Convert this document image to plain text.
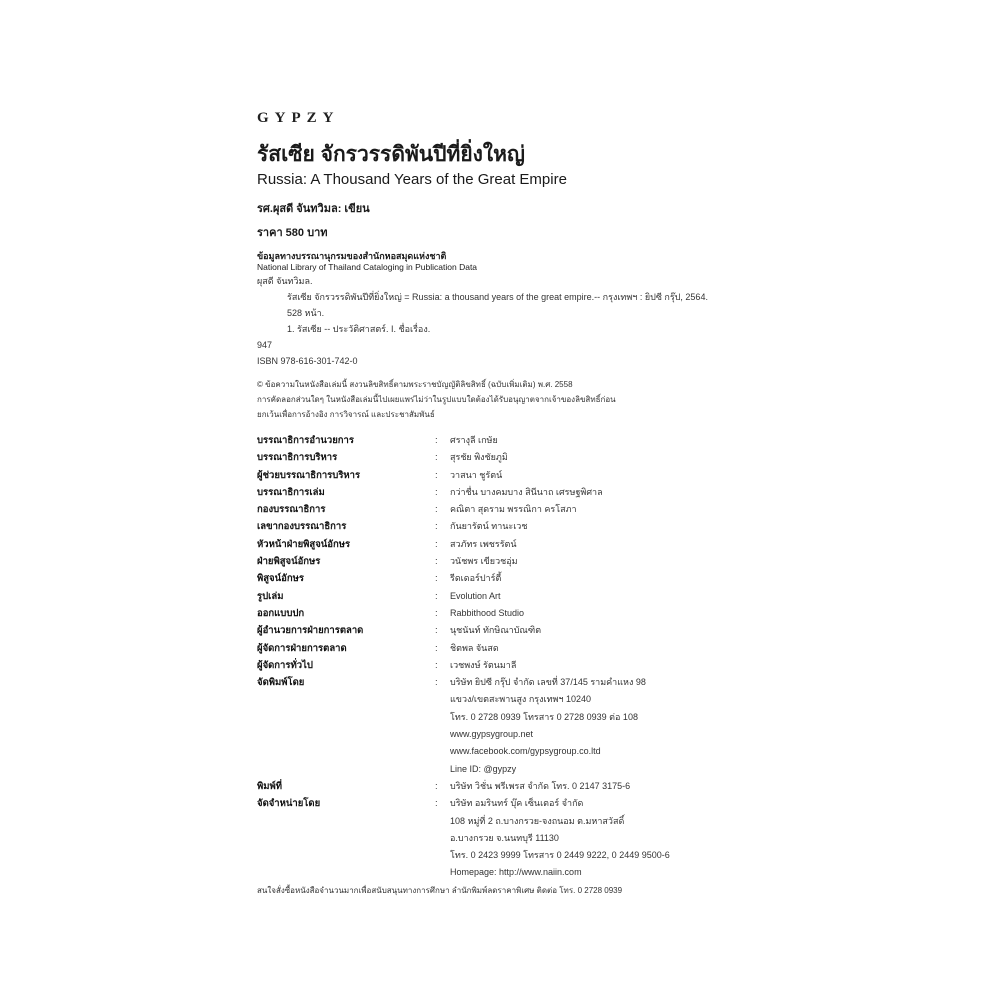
GYPZY
รัสเซีย จักรวรรดิพันปีที่ยิ่งใหญ่
Russia: A Thousand Years of the Great Empire
รศ.ผุสดี จันทวิมล: เขียน
ราคา 580 บาท
ข้อมูลทางบรรณานุกรมของสำนักหอสมุดแห่งชาติ
National Library of Thailand Cataloging in Publication Data
ผุสดี จันทวิมล.
รัสเซีย จักรวรรดิพันปีที่ยิ่งใหญ่ = Russia: a thousand years of the great empire.-- กรุงเทพฯ : ยิปซี กรุ๊ป, 2564.
528 หน้า.
1. รัสเซีย -- ประวัติศาสตร์. I. ชื่อเรื่อง.
947
ISBN 978-616-301-742-0
© ข้อความในหนังสือเล่มนี้ สงวนลิขสิทธิ์ตามพระราชบัญญัติลิขสิทธิ์ (ฉบับเพิ่มเติม) พ.ศ. 2558
การคัดลอกส่วนใดๆ ในหนังสือเล่มนี้ไปเผยแพร่ไม่ว่าในรูปแบบใดต้องได้รับอนุญาตจากเจ้าของลิขสิทธิ์ก่อน
ยกเว้นเพื่อการอ้างอิง การวิจารณ์ และประชาสัมพันธ์
บรรณาธิการอำนวยการ	:	ศรางุลี เกษัย
บรรณาธิการบริหาร	:	สุรชัย พิงชัยภูมิ
ผู้ช่วยบรรณาธิการบริหาร	:	วาสนา ชูรัตน์
บรรณาธิการเล่ม	:	กว่าชื่น บางคมบาง สินีนาถ เศรษฐพิศาล
กองบรรณาธิการ	:	คณิตา สุดราม พรรณิกา ครโสภา
เลขากองบรรณาธิการ	:	กันยารัตน์ ทานะเวช
หัวหน้าฝ่ายพิสูจน์อักษร	:	สวภัทร เพชรรัตน์
ฝ่ายพิสูจน์อักษร	:	วนัชพร เขียวชอุ่ม
พิสูจน์อักษร	:	รีดเดอร์ปาร์ตี้
รูปเล่ม	:	Evolution Art
ออกแบบปก	:	Rabbithood Studio
ผู้อำนวยการฝ่ายการตลาด	:	นุชนันท์ ทักษิณาบัณฑิต
ผู้จัดการฝ่ายการตลาด	:	ชิตพล จันสด
ผู้จัดการทั่วไป	:	เวชพงษ์ รัตนมาลี
จัดพิมพ์โดย	:	บริษัท ยิปซี กรุ๊ป จำกัด เลขที่ 37/145 รามคำแหง 98
		แขวง/เขตสะพานสูง กรุงเทพฯ 10240
		โทร. 0 2728 0939 โทรสาร 0 2728 0939 ต่อ 108
		www.gypsygroup.net
		www.facebook.com/gypsygroup.co.ltd
		Line ID: @gypzy
พิมพ์ที่	:	บริษัท วิชั่น พรีเพรส จำกัด โทร. 0 2147 3175-6
จัดจำหน่ายโดย	:	บริษัท อมรินทร์ บุ๊ค เซ็นเตอร์ จำกัด
		108 หมู่ที่ 2 ถ.บางกรวย-จงถนอม ต.มหาสวัสดิ์
		อ.บางกรวย จ.นนทบุรี 11130
		โทร. 0 2423 9999 โทรสาร 0 2449 9222, 0 2449 9500-6
		Homepage: http://www.naiin.com
สนใจสั่งซื้อหนังสือจำนวนมากเพื่อสนับสนุนทางการศึกษา ลำนักพิมพ์ลดราคาพิเศษ ติดต่อ โทร. 0 2728 0939
